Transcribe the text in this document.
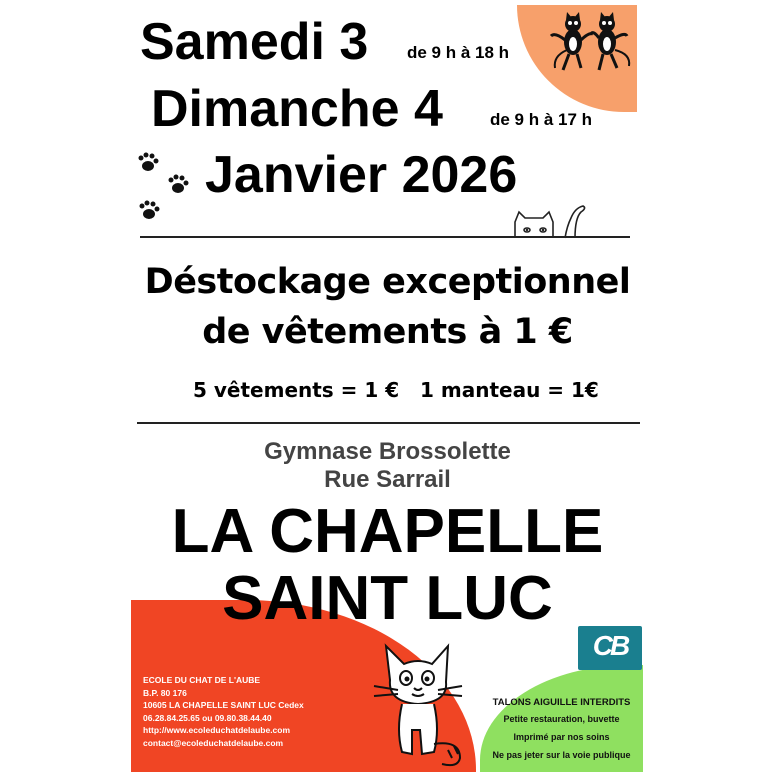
Samedi 3 de 9 h à 18 h
Dimanche 4	de 9 h à 17 h
Janvier 2026
Déstockage exceptionnel
de vêtements à 1 €
5 vêtements = 1 € 1 manteau = 1€
Gymnase Brossolette
Rue Sarrail
LA CHAPELLE
SAINT LUC
CB
ECOLE DU CHAT DE L'AUBE
B.P. 80 176
10605 LA CHAPELLE SAINT LUC Cedex
06.28.84.25.65 ou 09.80.38.44.40
http://www.ecoleduchatdelaube.com
contact@ecoleduchatdelaube.com
TALONS AIGUILLE INTERDITS
Petite restauration, buvette
Imprimé par nos soins
Ne pas jeter sur la voie publique
